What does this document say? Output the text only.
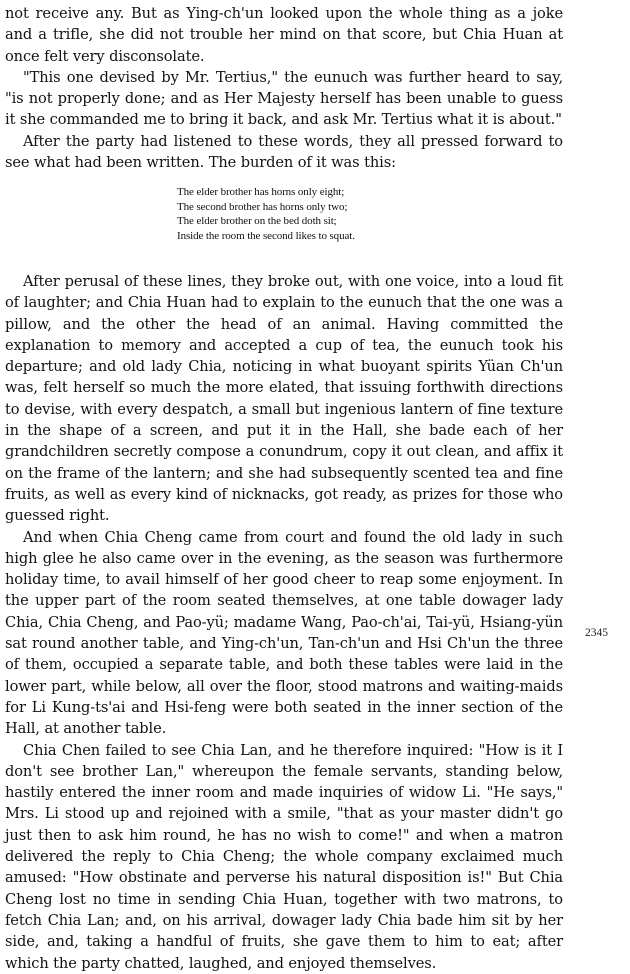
not receive any. But as Ying-ch'un looked upon the whole thing as a joke and a trifle, she did not trouble her mind on that score, but Chia Huan at once felt very disconsolate.

"This one devised by Mr. Tertius," the eunuch was further heard to say, "is not properly done; and as Her Majesty herself has been unable to guess it she commanded me to bring it back, and ask Mr. Tertius what it is about."

After the party had listened to these words, they all pressed forward to see what had been written. The burden of it was this:

The elder brother has horns only eight;
The second brother has horns only two;
The elder brother on the bed doth sit;
Inside the room the second likes to squat.

After perusal of these lines, they broke out, with one voice, into a loud fit of laughter; and Chia Huan had to explain to the eunuch that the one was a pillow, and the other the head of an animal. Having committed the explanation to memory and accepted a cup of tea, the eunuch took his departure; and old lady Chia, noticing in what buoyant spirits Yüan Ch'un was, felt herself so much the more elated, that issuing forthwith directions to devise, with every despatch, a small but ingenious lantern of fine texture in the shape of a screen, and put it in the Hall, she bade each of her grandchildren secretly compose a conundrum, copy it out clean, and affix it on the frame of the lantern; and she had subsequently scented tea and fine fruits, as well as every kind of nicknacks, got ready, as prizes for those who guessed right.

And when Chia Cheng came from court and found the old lady in such high glee he also came over in the evening, as the season was furthermore holiday time, to avail himself of her good cheer to reap some enjoyment. In the upper part of the room seated themselves, at one table dowager lady Chia, Chia Cheng, and Pao-yü; madame Wang, Pao-ch'ai, Tai-yü, Hsiang-yün sat round another table, and Ying-ch'un, Tan-ch'un and Hsi Ch'un the three of them, occupied a separate table, and both these tables were laid in the lower part, while below, all over the floor, stood matrons and waiting-maids for Li Kung-ts'ai and Hsi-feng were both seated in the inner section of the Hall, at another table.

Chia Chen failed to see Chia Lan, and he therefore inquired: "How is it I don't see brother Lan," whereupon the female servants, standing below, hastily entered the inner room and made inquiries of widow Li. "He says," Mrs. Li stood up and rejoined with a smile, "that as your master didn't go just then to ask him round, he has no wish to come!" and when a matron delivered the reply to Chia Cheng; the whole company exclaimed much amused: "How obstinate and perverse his natural disposition is!" But Chia Cheng lost no time in sending Chia Huan, together with two matrons, to fetch Chia Lan; and, on his arrival, dowager lady Chia bade him sit by her side, and, taking a handful of fruits, she gave them to him to eat; after which the party chatted, laughed, and enjoyed themselves.

2345
